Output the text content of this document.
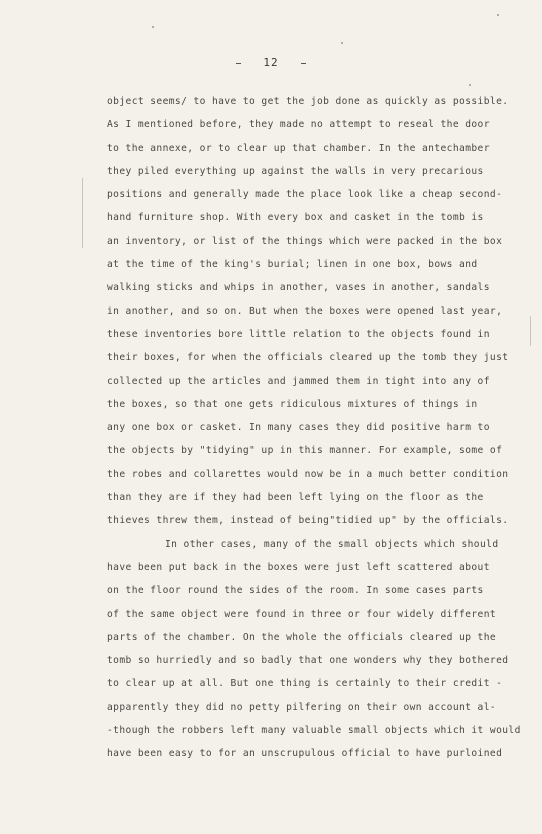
12
object seems/ to have to get the job done as quickly as possible.
As I mentioned before, they made no attempt to reseal the door
to the annexe, or to clear up that chamber. In the antechamber
they piled everything up against the walls in very precarious
positions and generally made the place look like a cheap second-
hand furniture shop. With every box and casket in the tomb is
an inventory, or list of the things which were packed in the box
at the time of the king's burial; linen in one box, bows and
walking sticks and whips in another, vases in another, sandals
in another, and so on. But when the boxes were opened last year,
these inventories bore little relation to the objects found in
their boxes, for when the officials cleared up the tomb they just
collected up the articles and jammed them in tight into any of
the boxes, so that one gets ridiculous mixtures of things in
any one box or casket. In many cases they did positive harm to
the objects by "tidying" up in this manner. For example, some of
the robes and collarettes would now be in a much better condition
than they are if they had been left lying on the floor as the
thieves threw them, instead of being"tidied up" by the officials.
In other cases, many of the small objects which should
have been put back in the boxes were just left scattered about
on the floor round the sides of the room. In some cases parts
of the same object were found in three or four widely different
parts of the chamber. On the whole the officials cleared up the
tomb so hurriedly and so badly that one wonders why they bothered
to clear up at all. But one thing is certainly to their credit -
apparently they did no petty pilfering on their own account al-
-though the robbers left many valuable small objects which it would
have been easy to for an unscrupulous official to have purloined
